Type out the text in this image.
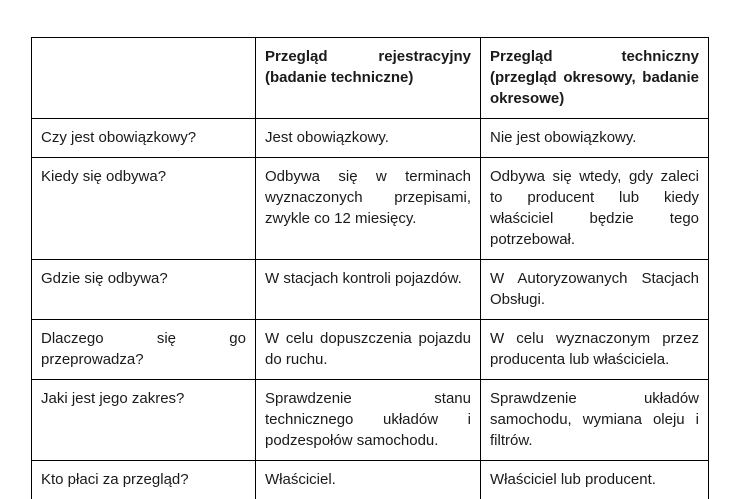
	Przegląd rejestracyjny (badanie techniczne)	Przegląd techniczny (przegląd okresowy, badanie okresowe)
Czy jest obowiązkowy?	Jest obowiązkowy.	Nie jest obowiązkowy.
Kiedy się odbywa?	Odbywa się w terminach wyznaczonych przepisami, zwykle co 12 miesięcy.	Odbywa się wtedy, gdy zaleci to producent lub kiedy właściciel będzie tego potrzebował.
Gdzie się odbywa?	W stacjach kontroli pojazdów.	W Autoryzowanych Stacjach Obsługi.
Dlaczego się go przeprowadza?	W celu dopuszczenia pojazdu do ruchu.	W celu wyznaczonym przez producenta lub właściciela.
Jaki jest jego zakres?	Sprawdzenie stanu technicznego układów i podzespołów samochodu.	Sprawdzenie układów samochodu, wymiana oleju i filtrów.
Kto płaci za przegląd?	Właściciel.	Właściciel lub producent.
